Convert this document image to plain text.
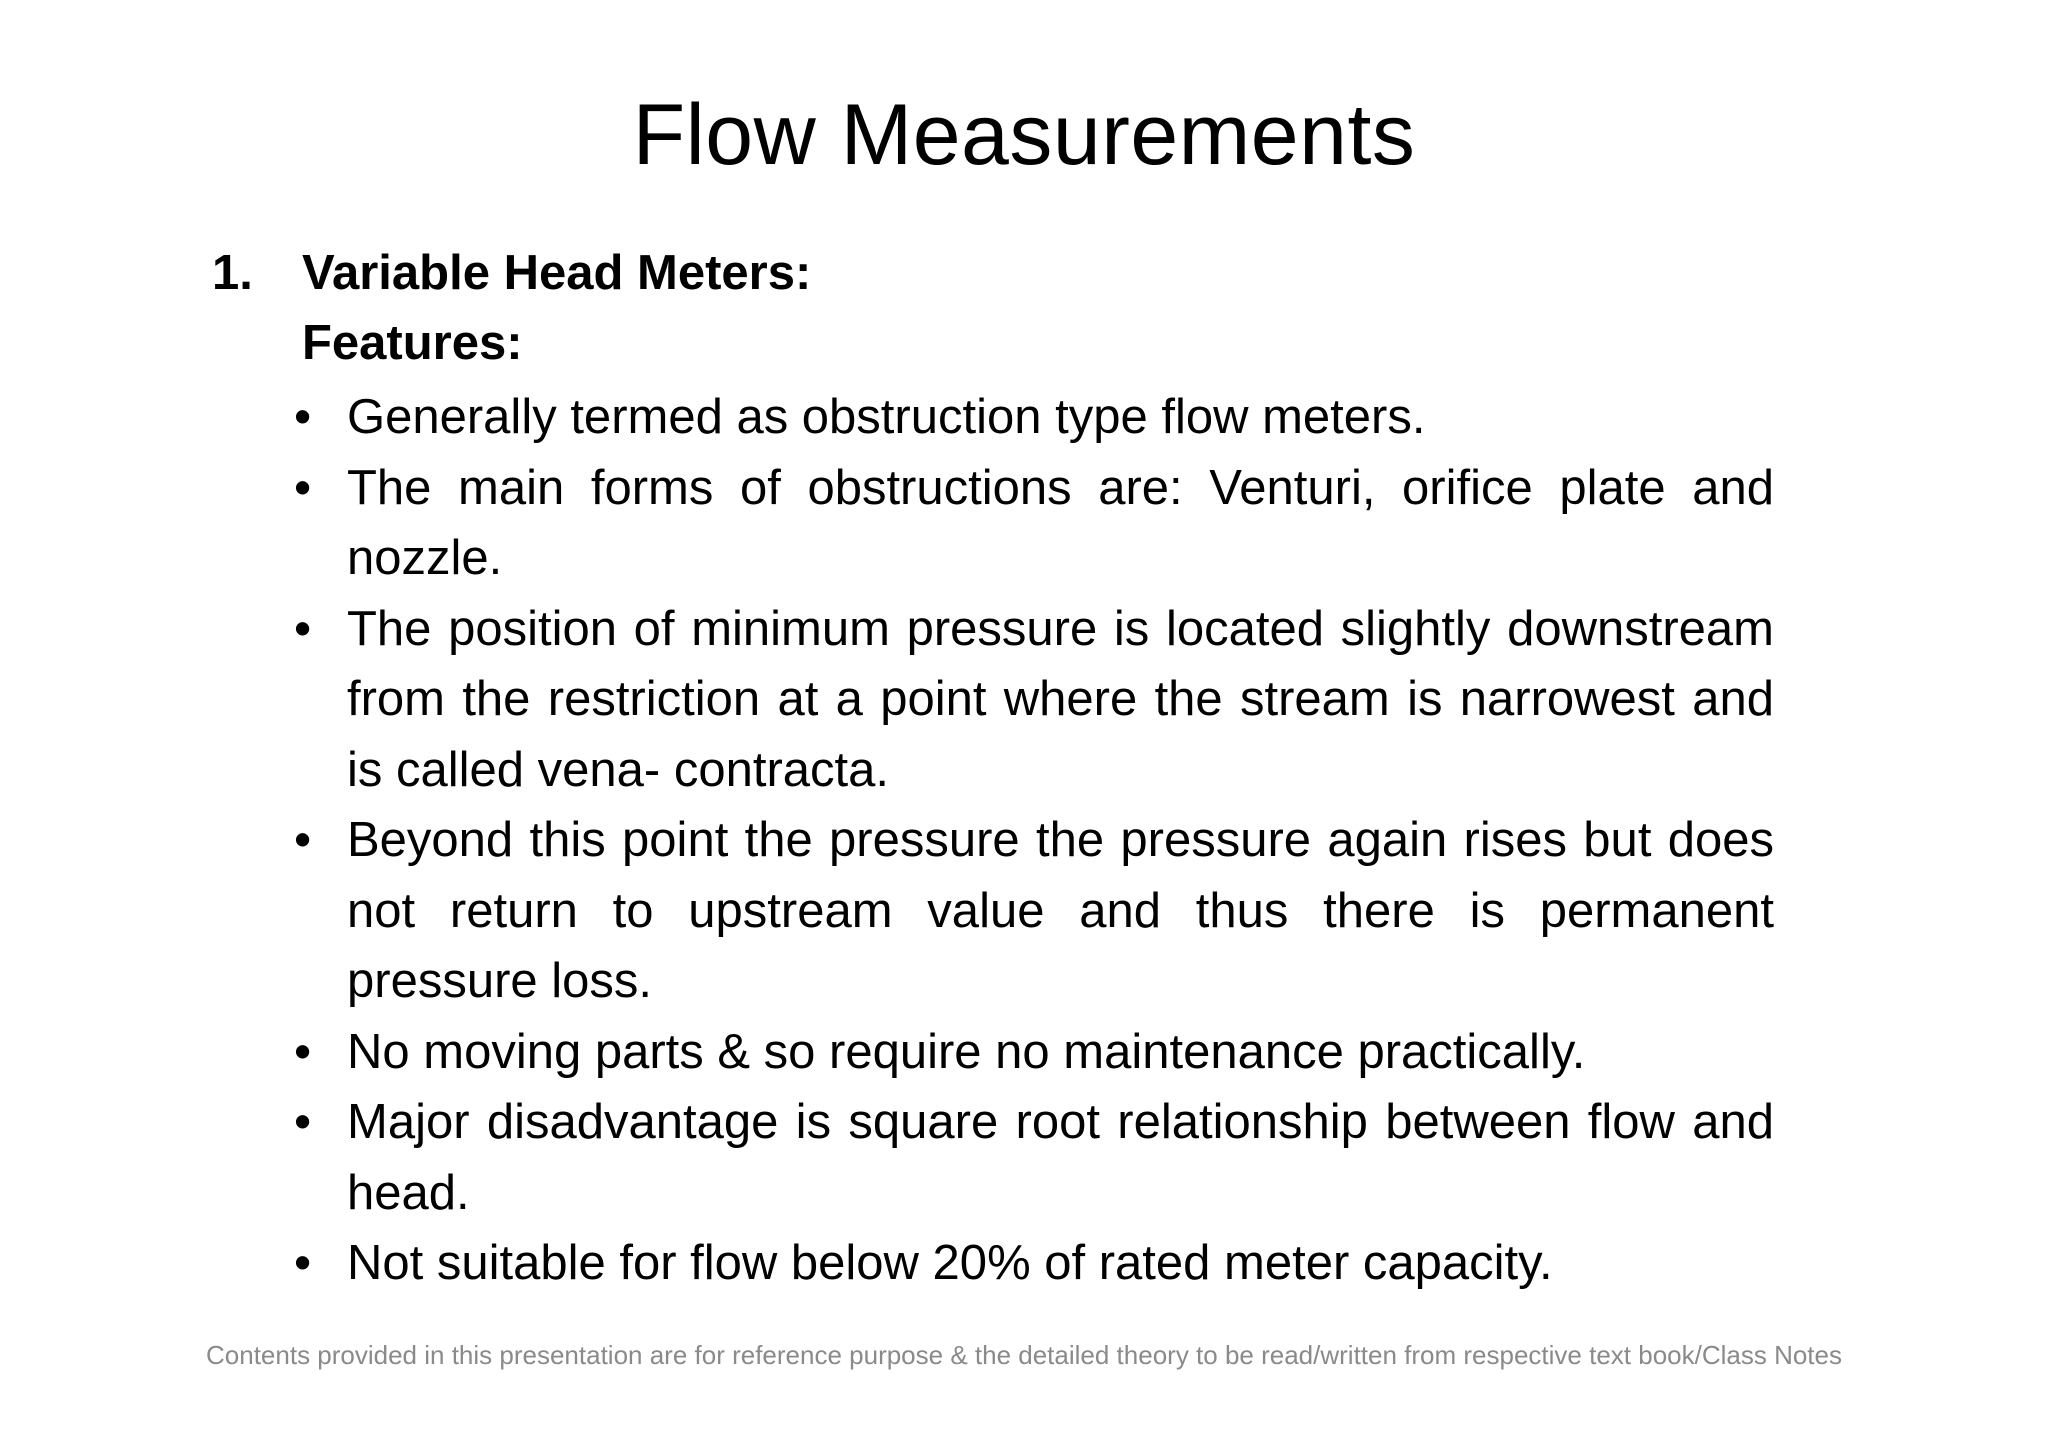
Flow Measurements
1.	Variable Head Meters:
Features:
• Generally termed as obstruction type flow meters.
• The main forms of obstructions are: Venturi, orifice plate and nozzle.
• The position of minimum pressure is located slightly downstream from the restriction at a point where the stream is narrowest and is called vena- contracta.
• Beyond this point the pressure the pressure again rises but does not return to upstream value and thus there is permanent pressure loss.
• No moving parts & so require no maintenance practically.
• Major disadvantage is square root relationship between flow and head.
• Not suitable for flow below 20% of rated meter capacity.
Contents provided in this presentation are for reference purpose & the detailed theory to be read/written from respective text book/Class Notes
